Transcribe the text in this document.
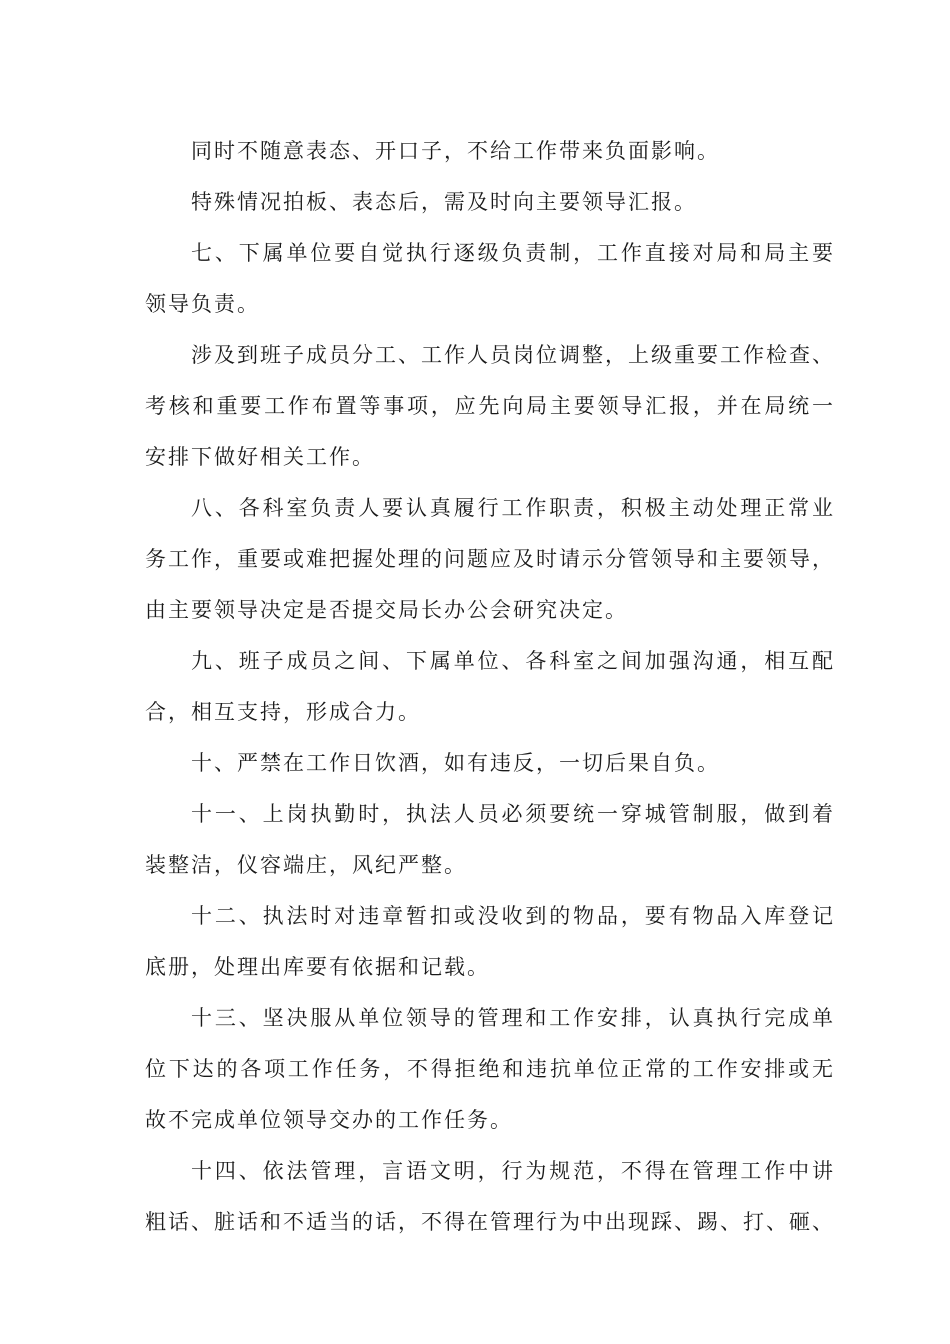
同时不随意表态、开口子，不给工作带来负面影响。
特殊情况拍板、表态后，需及时向主要领导汇报。
七、下属单位要自觉执行逐级负责制，工作直接对局和局主要
领导负责。
涉及到班子成员分工、工作人员岗位调整，上级重要工作检查、
考核和重要工作布置等事项，应先向局主要领导汇报，并在局统一
安排下做好相关工作。
八、各科室负责人要认真履行工作职责，积极主动处理正常业
务工作，重要或难把握处理的问题应及时请示分管领导和主要领导，
由主要领导决定是否提交局长办公会研究决定。
九、班子成员之间、下属单位、各科室之间加强沟通，相互配
合，相互支持，形成合力。
十、严禁在工作日饮酒，如有违反，一切后果自负。
十一、上岗执勤时，执法人员必须要统一穿城管制服，做到着
装整洁，仪容端庄，风纪严整。
十二、执法时对违章暂扣或没收到的物品，要有物品入库登记
底册，处理出库要有依据和记载。
十三、坚决服从单位领导的管理和工作安排，认真执行完成单
位下达的各项工作任务，不得拒绝和违抗单位正常的工作安排或无
故不完成单位领导交办的工作任务。
十四、依法管理，言语文明，行为规范，不得在管理工作中讲
粗话、脏话和不适当的话，不得在管理行为中出现踩、踢、打、砸、
